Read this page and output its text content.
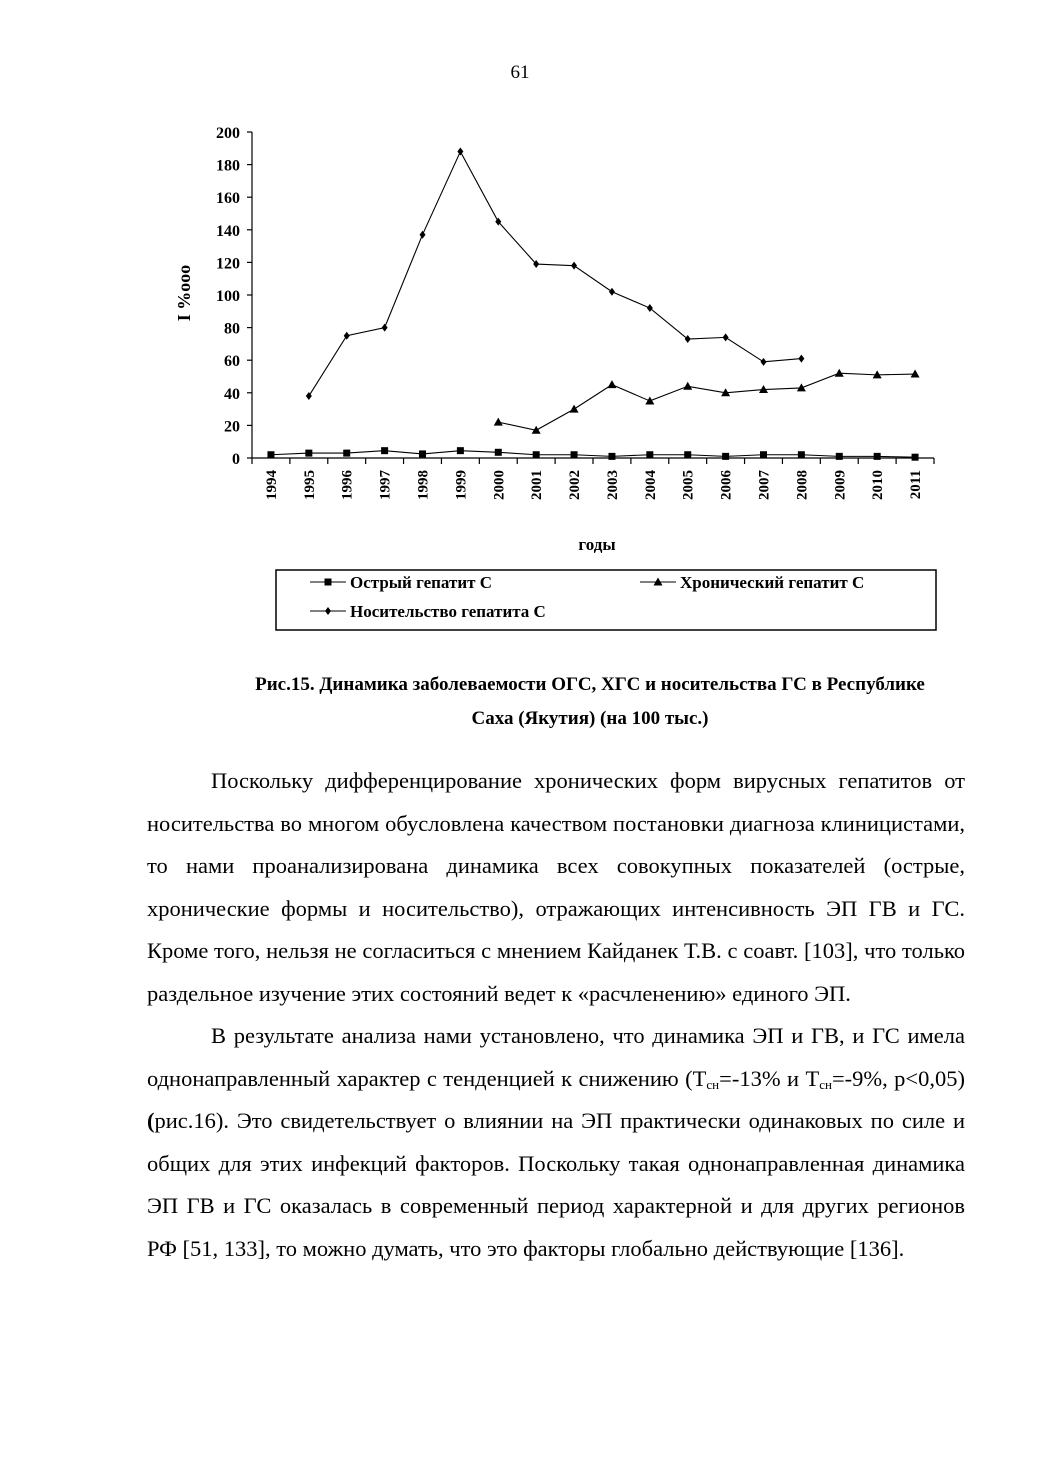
61
0
20
40
60
80
100
120
140
160
180
200
1994 1995 1996 1997 1998 1999 2000 2001 2002 2003 2004 2005 2006 2007 2008 2009 2010 2011
I %ooo
годы
Острый гепатит С	Хронический гепатит С
Носительство гепатита С
Рис.15. Динамика заболеваемости ОГС, ХГС и носительства ГС в Республике
Саха (Якутия) (на 100 тыс.)

Поскольку дифференцирование хронических форм вирусных гепатитов от носительства во многом обусловлена качеством постановки диагноза клиницистами, то нами проанализирована динамика всех совокупных показателей (острые, хронические формы и носительство), отражающих интенсивность ЭП ГВ и ГС. Кроме того, нельзя не согласиться с мнением Кайданек Т.В. с соавт. [103], что только раздельное изучение этих состояний ведет к «расчленению» единого ЭП.

В результате анализа нами установлено, что динамика ЭП и ГВ, и ГС имела однонаправленный характер с тенденцией к снижению ($Т_{сн}=-13\%$ и $Т_{сн}=-9\%$, р<0,05) (рис.16). Это свидетельствует о влиянии на ЭП практически одинаковых по силе и общих для этих инфекций факторов. Поскольку такая однонаправленная динамика ЭП ГВ и ГС оказалась в современный период характерной и для других регионов РФ [51, 133], то можно думать, что это факторы глобально действующие [136].
